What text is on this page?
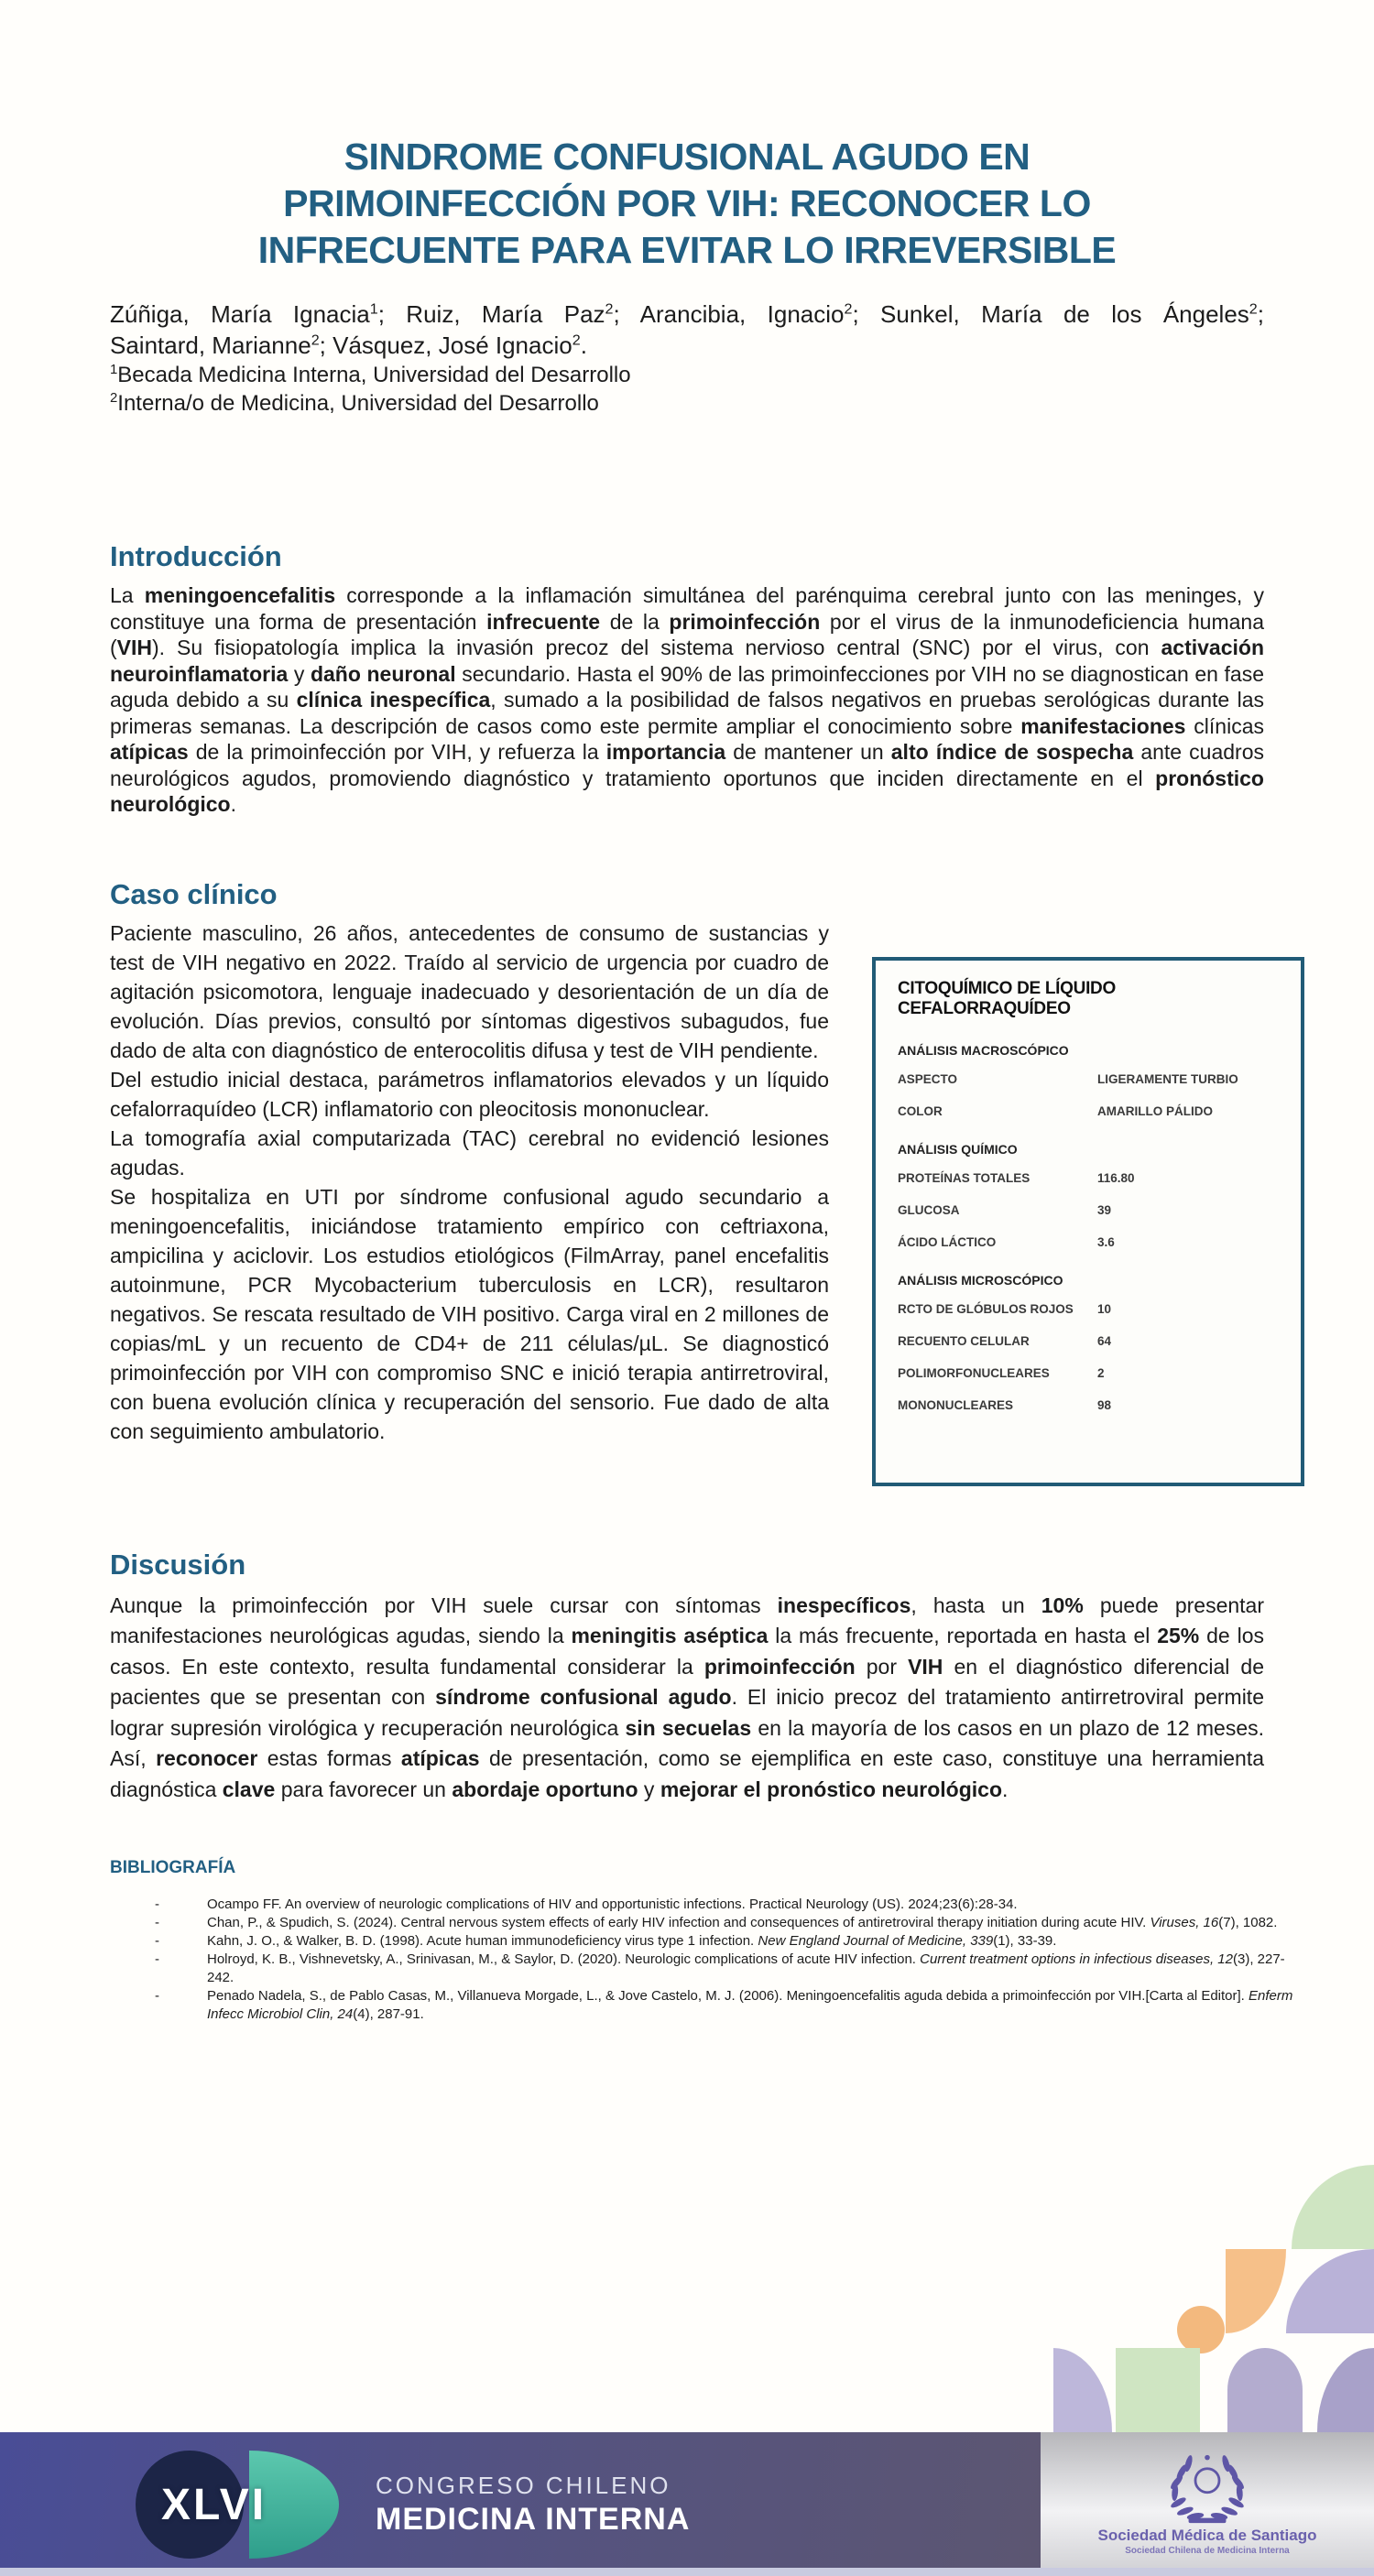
SINDROME CONFUSIONAL AGUDO EN
PRIMOINFECCIÓN POR VIH: RECONOCER LO
INFRECUENTE PARA EVITAR LO IRREVERSIBLE
Zúñiga, María Ignacia$^1$; Ruiz, María Paz$^2$; Arancibia, Ignacio$^2$; Sunkel, María de los Ángeles$^2$;
Saintard, Marianne$^2$; Vásquez, José Ignacio$^2$.
$^1$Becada Medicina Interna, Universidad del Desarrollo
$^2$Interna/o de Medicina, Universidad del Desarrollo
Introducción

La meningoencefalitis corresponde a la inflamación simultánea del parénquima cerebral junto con las meninges, y constituye una forma de presentación infrecuente de la primoinfección por el virus de la inmunodeficiencia humana (VIH). Su fisiopatología implica la invasión precoz del sistema nervioso central (SNC) por el virus, con activación neuroinflamatoria y daño neuronal secundario. Hasta el 90% de las primoinfecciones por VIH no se diagnostican en fase aguda debido a su clínica inespecífica, sumado a la posibilidad de falsos negativos en pruebas serológicas durante las primeras semanas. La descripción de casos como este permite ampliar el conocimiento sobre manifestaciones clínicas atípicas de la primoinfección por VIH, y refuerza la importancia de mantener un alto índice de sospecha ante cuadros neurológicos agudos, promoviendo diagnóstico y tratamiento oportunos que inciden directamente en el pronóstico neurológico.

Caso clínico

Paciente masculino, 26 años, antecedentes de consumo de sustancias y test de VIH negativo en 2022. Traído al servicio de urgencia por cuadro de agitación psicomotora, lenguaje inadecuado y desorientación de un día de evolución. Días previos, consultó por síntomas digestivos subagudos, fue dado de alta con diagnóstico de enterocolitis difusa y test de VIH pendiente.

Del estudio inicial destaca, parámetros inflamatorios elevados y un líquido cefalorraquídeo (LCR) inflamatorio con pleocitosis mononuclear.

La tomografía axial computarizada (TAC) cerebral no evidenció lesiones agudas.

Se hospitaliza en UTI por síndrome confusional agudo secundario a meningoencefalitis, iniciándose tratamiento empírico con ceftriaxona, ampicilina y aciclovir. Los estudios etiológicos (FilmArray, panel encefalitis autoinmune, PCR Mycobacterium tuberculosis en LCR), resultaron negativos. Se rescata resultado de VIH positivo. Carga viral en 2 millones de copias/mL y un recuento de CD4+ de 211 células/µL. Se diagnosticó primoinfección por VIH con compromiso SNC e inició terapia antirretroviral, con buena evolución clínica y recuperación del sensorio. Fue dado de alta con seguimiento ambulatorio.

CITOQUÍMICO DE LÍQUIDO CEFALORRAQUÍDEO
ANÁLISIS MACROSCÓPICO
ASPECTO	LIGERAMENTE TURBIO
COLOR	AMARILLO PÁLIDO
ANÁLISIS QUÍMICO
PROTEÍNAS TOTALES	116.80
GLUCOSA	39
ÁCIDO LÁCTICO	3.6
ANÁLISIS MICROSCÓPICO
RCTO DE GLÓBULOS ROJOS	10
RECUENTO CELULAR	64
POLIMORFONUCLEARES	2
MONONUCLEARES	98
Discusión

Aunque la primoinfección por VIH suele cursar con síntomas inespecíficos, hasta un 10% puede presentar manifestaciones neurológicas agudas, siendo la meningitis aséptica la más frecuente, reportada en hasta el 25% de los casos. En este contexto, resulta fundamental considerar la primoinfección por VIH en el diagnóstico diferencial de pacientes que se presentan con síndrome confusional agudo. El inicio precoz del tratamiento antirretroviral permite lograr supresión virológica y recuperación neurológica sin secuelas en la mayoría de los casos en un plazo de 12 meses. Así, reconocer estas formas atípicas de presentación, como se ejemplifica en este caso, constituye una herramienta diagnóstica clave para favorecer un abordaje oportuno y mejorar el pronóstico neurológico.

BIBLIOGRAFÍA
-	Ocampo FF. An overview of neurologic complications of HIV and opportunistic infections. Practical Neurology (US). 2024;23(6):28-34.
-	Chan, P., & Spudich, S. (2024). Central nervous system effects of early HIV infection and consequences of antiretroviral therapy initiation during acute HIV. Viruses, 16(7), 1082.
-	Kahn, J. O., & Walker, B. D. (1998). Acute human immunodeficiency virus type 1 infection. New England Journal of Medicine, 339(1), 33-39.
-	Holroyd, K. B., Vishnevetsky, A., Srinivasan, M., & Saylor, D. (2020). Neurologic complications of acute HIV infection. Current treatment options in infectious diseases, 12(3), 227-242.
-	Penado Nadela, S., de Pablo Casas, M., Villanueva Morgade, L., & Jove Castelo, M. J. (2006). Meningoencefalitis aguda debida a primoinfección por VIH.[Carta al Editor]. Enferm Infecc Microbiol Clin, 24(4), 287-91.
XLVI	CONGRESO CHILENO
MEDICINA INTERNA	Sociedad Médica de Santiago
Sociedad Chilena de Medicina Interna
